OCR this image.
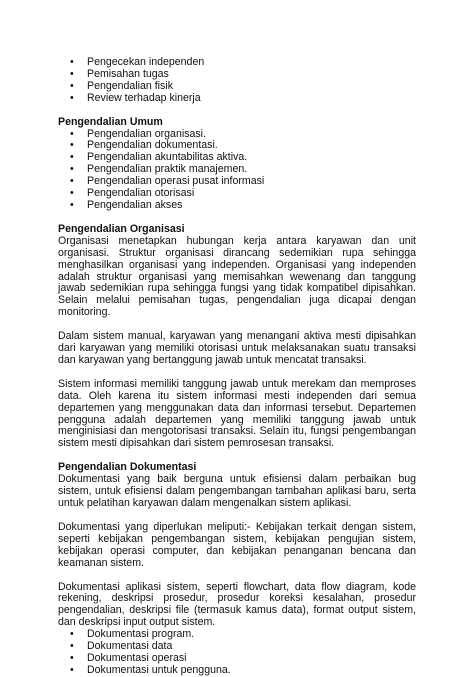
• Pengecekan independen
• Pemisahan tugas
• Pengendalian fisik
• Review terhadap kinerja
Pengendalian Umum
• Pengendalian organisasi.
• Pengendalian dokumentasi.
• Pengendalian akuntabilitas aktiva.
• Pengendalian praktik manajemen.
• Pengendalian operasi pusat informasi
• Pengendalian otorisasi
• Pengendalian akses
Pengendalian Organisasi

Organisasi menetapkan hubungan kerja antara karyawan dan unit organisasi. Struktur organisasi dirancang sedemikian rupa sehingga menghasilkan organisasi yang independen. Organisasi yang independen adalah struktur organisasi yang memisahkan wewenang dan tanggung jawab sedemikian rupa sehingga fungsi yang tidak kompatibel dipisahkan. Selain melalui pemisahan tugas, pengendalian juga dicapai dengan monitoring.

Dalam sistem manual, karyawan yang menangani aktiva mesti dipisahkan dari karyawan yang memiliki otorisasi untuk melaksanakan suatu transaksi dan karyawan yang bertanggung jawab untuk mencatat transaksi.

Sistem informasi memiliki tanggung jawab untuk merekam dan memproses data. Oleh karena itu sistem informasi mesti independen dari semua departemen yang menggunakan data dan informasi tersebut. Departemen pengguna adalah departemen yang memiliki tanggung jawab untuk menginisiasi dan mengotorisasi transaksi. Selain itu, fungsi pengembangan sistem mesti dipisahkan dari sistem pemrosesan transaksi.

Pengendalian Dokumentasi

Dokumentasi yang baik berguna untuk efisiensi dalam perbaikan bug sistem, untuk efisiensi dalam pengembangan tambahan aplikasi baru, serta untuk pelatihan karyawan dalam mengenalkan sistem aplikasi.

Dokumentasi yang diperlukan meliputi:- Kebijakan terkait dengan sistem, seperti kebijakan pengembangan sistem, kebijakan pengujian sistem, kebijakan operasi computer, dan kebijakan penanganan bencana dan keamanan sistem.

Dokumentasi aplikasi sistem, seperti flowchart, data flow diagram, kode rekening, deskripsi prosedur, prosedur koreksi kesalahan, prosedur pengendalian, deskripsi file (termasuk kamus data), format output sistem, dan deskripsi input output sistem.

• Dokumentasi program.
• Dokumentasi data
• Dokumentasi operasi
• Dokumentasi untuk pengguna.
